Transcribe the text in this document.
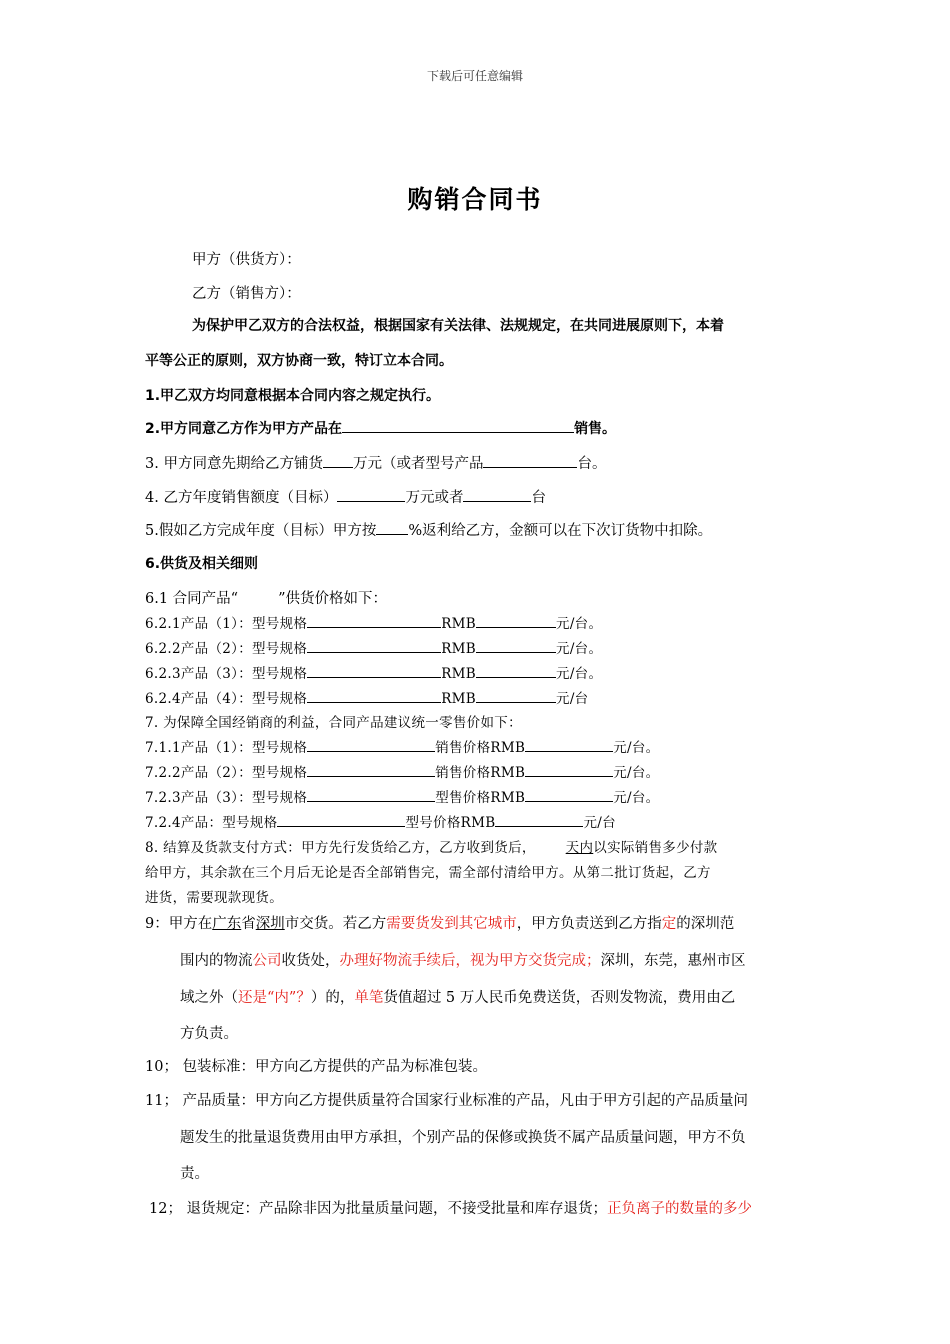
下载后可任意编辑
购销合同书
甲方（供货方）：
乙方（销售方）：
为保护甲乙双方的合法权益，根据国家有关法律、法规规定，在共同进展原则下，本着
平等公正的原则，双方协商一致，特订立本合同。
1.甲乙双方均同意根据本合同内容之规定执行。
2.甲方同意乙方作为甲方产品在	销售。
3. 甲方同意先期给乙方铺货 万元（或者型号产品	台。
4. 乙方年度销售额度（目标）	万元或者	台
5.假如乙方完成年度（目标）甲方按 %返利给乙方，金额可以在下次订货物中扣除。
6.供货及相关细则
6.1 合同产品“	”供货价格如下：
6.2.1产品（1）：型号规格	RMB	元/台。
6.2.2产品（2）：型号规格	RMB	元/台。
6.2.3产品（3）：型号规格	RMB	元/台。
6.2.4产品（4）：型号规格	RMB	元/台
7. 为保障全国经销商的利益，合同产品建议统一零售价如下：
7.1.1产品（1）：型号规格	销售价格RMB	元/台。
7.2.2产品（2）：型号规格	销售价格RMB	元/台。
7.2.3产品（3）：型号规格	型售价格RMB	元/台。
7.2.4产品：型号规格	型号价格RMB	元/台
8. 结算及货款支付方式：甲方先行发货给乙方，乙方收到货后， 天内以实际销售多少付款
给甲方，其余款在三个月后无论是否全部销售完，需全部付清给甲方。从第二批订货起，乙方
进货，需要现款现货。
9：甲方在广东省深圳市交货。若乙方需要货发到其它城市，甲方负责送到乙方指定的深圳范
围内的物流公司收货处，办理好物流手续后，视为甲方交货完成；深圳，东莞，惠州市区
域之外（还是“内”？）的，单笔货值超过 5 万人民币免费送货，否则发物流，费用由乙
方负责。
10； 包装标准：甲方向乙方提供的产品为标准包装。
11； 产品质量：甲方向乙方提供质量符合国家行业标准的产品，凡由于甲方引起的产品质量问
题发生的批量退货费用由甲方承担，个别产品的保修或换货不属产品质量问题，甲方不负
责。
12； 退货规定：产品除非因为批量质量问题，不接受批量和库存退货；正负离子的数量的多少
